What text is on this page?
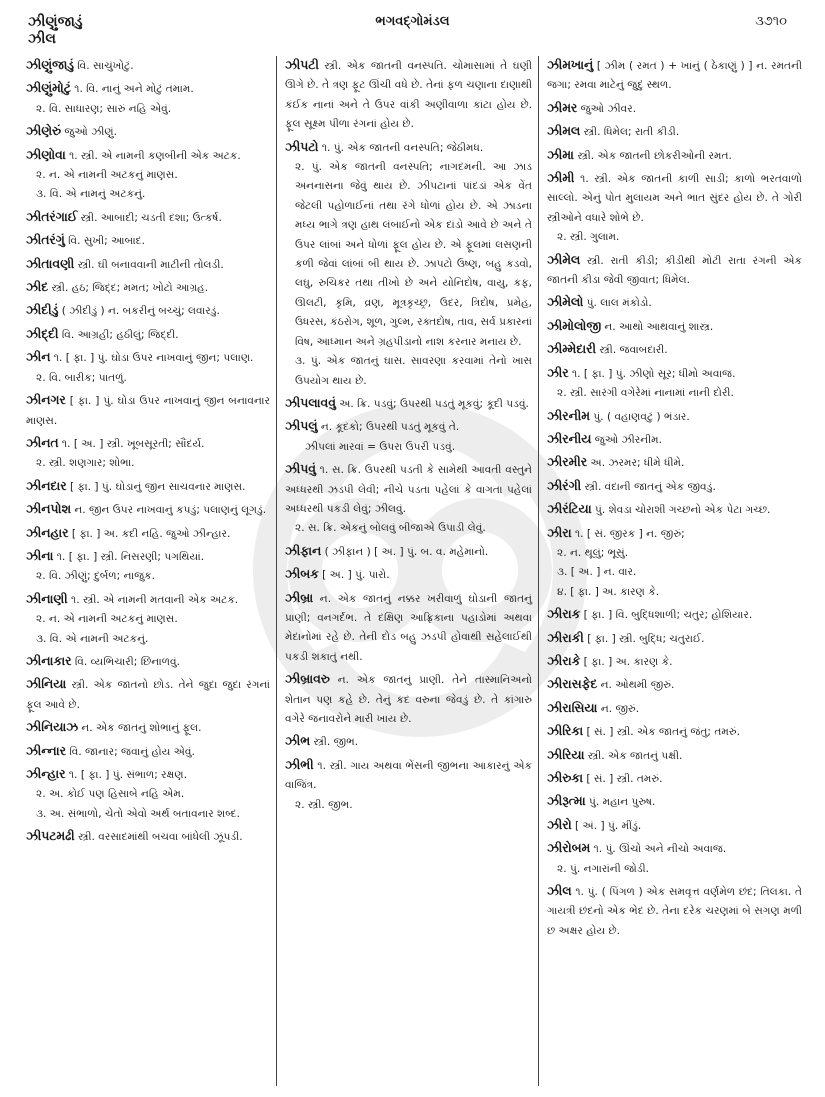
ઝીણુંજાડું
ઝીલ
ભગવદ્ગોમંડલ	૩૭૧૦
ઝીણુંજાડું વિ. સાચુંખોટું.
ઝીણુંમોટું ૧. વિ. નાનું અને મોટું તમામ.
૨. વિ. સાધારણ; સારું નહિ એવું.
ઝીણેરું જુઓ ઝીણું.
ઝીણોવા ૧. સ્ત્રી. એ નામની કણબીની એક અટક.
૨. ન. એ નામની અટકનું માણસ.
૩. વિ. એ નામનું અટકનું.
ઝીતરંગાઈ સ્ત્રી. આબાદી; ચડતી દશા; ઉત્કર્ષ.
ઝીતરંગું વિ. સુખી; આબાદ.
ઝીતાવણી સ્ત્રી. ઘી બનાવવાની માટીની તોલડી.
ઝીદ સ્ત્રી. હઠ; જિદ્દ; મમત; ખોટો આગ્રહ.
ઝીદીડું ( ઝીદીડું ) ન. બકરીનું બચ્ચું; લવારડું.
ઝીદ્દી વિ. આગ્રહી; હઠીલું; જિદ્દી.
ઝીન ૧. [ ફા. ] પું. ઘોડા ઉપર નાખવાનું જીન; પલાણ.
૨. વિ. બારીક; પાતળું.
ઝીનગર [ ફા. ] પું. ઘોડા ઉપર નાખવાનું જીન બનાવનાર માણસ.
ઝીનત ૧. [ અ. ] સ્ત્રી. ખૂબસૂરતી; સૌંદર્ય.
૨. સ્ત્રી. શણગાર; શોભા.
ઝીનદાર [ ફા. ] પું. ઘોડાનું જીન સાચવનાર માણસ.
ઝીનપોશ ન. જીન ઉપર નાખવાનું કપડું; પલાણનું લૂગડું.
ઝીનહાર [ ફા. ] અ. કદી નહિ. જુઓ ઝીન્હાર.
ઝીના ૧. [ ફા. ] સ્ત્રી. નિસરણી; પગથિયાં.
૨. વિ. ઝીણું; દુર્બળ; નાજુક.
ઝીનાણી ૧. સ્ત્રી. એ નામની મતવાની એક અટક.
૨. ન. એ નામની અટકનું માણસ.
૩. વિ. એ નામની અટકનું.
ઝીનાકાર વિ. વ્યભિચારી; છિનાળવું.
ઝીનિયા સ્ત્રી. એક જાતનો છોડ. તેને જુદા જુદા રંગનાં ફૂલ આવે છે.
ઝીનિયાઝ ન. એક જાતનું શોભાનું ફૂલ.
ઝીન્નાર વિ. જાનાર; જવાનું હોય એવું.
ઝીન્હાર ૧. [ ફા. ] પું. સંભાળ; રક્ષણ.
૨. અ. કોઈ પણ હિસાબે નહિ એમ.
૩. અ. સંભાળો, ચેતો એવો અર્થ બતાવનાર શબ્દ.
ઝીપટમઢી સ્ત્રી. વરસાદમાંથી બચવા બાંધેલી ઝૂંપડી.
ઝીપટી સ્ત્રી. એક જાતની વનસ્પતિ. ચોમાસામાં તે ઘણી ઊગે છે. તે ત્રણ ફૂટ ઊંચી વધે છે. તેનાં ફળ ચણાના દાણાથી કંઈક નાનાં અને તે ઉપર વાંકી અણીવાળા કાંટા હોય છે. ફૂલ સૂક્ષ્મ પીળા રંગનાં હોય છે.
ઝીપટો ૧. પું. એક જાતની વનસ્પતિ; જેઠીમધ.
૨. પું. એક જાતની વનસ્પતિ; નાગદમની. આ ઝાડ અનનાસના જેવું થાય છે. ઝીપટાનાં પાંદડાં એક વેંત જેટલી પહોળાઈનાં તથા રંગે ધોળાં હોય છે. એ ઝાડના મધ્ય ભાગે ત્રણ હાથ લંબાઈનો એક દાંડો આવે છે અને તે ઉપર લાંબાં અને ધોળાં ફૂલ હોય છે. એ ફૂલમાં લસણની કળી જેવાં લાંબાં બી થાય છે. ઝાપટો ઉષ્ણ, બહુ કડવો, લઘુ, રુચિકર તથા તીખો છે અને યોનિદોષ, વાયુ, કફ, ઊલટી, કૃમિ, વ્રણ, મૂત્રકૃચ્છ્ર, ઉદર, ત્રિદોષ, પ્રમેહ, ઉધરસ, કંઠરોગ, શૂળ, ગુલ્મ, રક્તદોષ, તાવ, સર્વ પ્રકારનાં વિષ, આધ્માન અને ગ્રહપીડાનો નાશ કરનાર મનાય છે.
૩. પું. એક જાતનું ઘાસ. સાવરણા કરવામાં તેનો ખાસ ઉપયોગ થાય છે.
ઝીપલાવવું અ. ક્રિ. પડવું; ઉપરથી પડતું મૂકવું; કૂદી પડવું.
ઝીપલું ન. કૂદકો; ઉપરથી પડતું મૂકવું તે.
ઝીપલાં મારવાં = ઉપરા ઉપરી પડવું.
ઝીપવું ૧. સ. ક્રિ. ઉપરથી પડતી કે સામેથી આવતી વસ્તુને અધ્ધરથી ઝડપી લેવી; નીચે પડતા પહેલાં કે વાગતા પહેલાં અધ્ધરથી પકડી લેવું; ઝીલવું.
૨. સ. ક્રિ. એકનું બોલવું બીજાએ ઉપાડી લેવું.
ઝીફાન ( ઝીફાન ) [ અ. ] પું. બ. વ. મહેમાનો.
ઝીબક [ અ. ] પું. પારો.
ઝીબ્રા ન. એક જાતનું નક્કર ખરીવાળું ઘોડાની જાતનું પ્રાણી; વનગર્દભ. તે દક્ષિણ આફ્રિકાના પહાડોમાં અથવા મેદાનોમાં રહે છે. તેની દોડ બહુ ઝડપી હોવાથી સહેલાઈથી પકડી શકાતું નથી.
ઝીબ્રાવરુ ન. એક જાતનું પ્રાણી. તેને તાસ્માનિઅનો શેતાન પણ કહે છે. તેનું કદ વરુના જેવડું છે. તે કાંગારુ વગેરે જનાવરોને મારી ખાય છે.
ઝીભ સ્ત્રી. જીભ.
ઝીભી ૧. સ્ત્રી. ગાય અથવા ભેંસની જીભના આકારનું એક વાજિંત્ર.
૨. સ્ત્રી. જીભ.
ઝીમખાનું [ ઝીમ ( રમત ) + ખાનું ( ઠેકાણું ) ] ન. રમતની જગા; રમવા માટેનું જુદું સ્થળ.
ઝીમર જુઓ ઝીવર.
ઝીમલ સ્ત્રી. ધિમેલ; રાતી કીડી.
ઝીમા સ્ત્રી. એક જાતની છોકરીઓની રમત.
ઝીમી ૧. સ્ત્રી. એક જાતની કાળી સાડી; કાળો ભરતવાળો સાલ્લો. એનું પોત મુલાયમ અને ભાત સુંદર હોય છે. તે ગોરી સ્ત્રીઓને વધારે શોભે છે.
૨. સ્ત્રી. ગુલામ.
ઝીમેલ સ્ત્રી. રાતી કીડી; કીડીથી મોટી રાતા રંગની એક જાતની કીડા જેવી જીવાત; ધિમેલ.
ઝીમેલો પું. લાલ મંકોડો.
ઝીમોલોજી ન. આથો આથવાનું શાસ્ત્ર.
ઝીમ્મેદારી સ્ત્રી. જવાબદારી.
ઝીર ૧. [ ફા. ] પું. ઝીણો સૂર; ધીમો અવાજ.
૨. સ્ત્રી. સારંગી વગેરેમાં નાનામાં નાની દોરી.
ઝીરનીમ પું. ( વહાણવટું ) ભંડાર.
ઝીરનીય જુઓ ઝીરનીમ.
ઝીરમીર અ. ઝરમર; ધીમે ધીમે.
ઝીરંગી સ્ત્રી. વંદાની જાતનું એક જીવડું.
ઝીરંટિયા પું. શેવડા ચોરાશી ગચ્છનો એક પેટા ગચ્છ.
ઝીરા ૧. [ સં. જીરક ] ન. જીરું;
૨. ન. થૂલું; ભૂસું.
૩. [ અ. ] ન. વાર.
૪. [ ફા. ] અ. કારણ કે.
ઝીરાક [ ફા. ] વિ. બુદ્ધિશાળી; ચતુર; હોશિયાર.
ઝીરાકી [ ફા. ] સ્ત્રી. બુદ્ધિ; ચતુરાઈ.
ઝીરાકે [ ફા. ] અ. કારણ કે.
ઝીરાસફેદ ન. ઓથમી જીરું.
ઝીરાસિયા ન. જીરું.
ઝીરિકા [ સં. ] સ્ત્રી. એક જાતનું જંતુ; તમરું.
ઝીરિયા સ્ત્રી. એક જાતનું પક્ષી.
ઝીરુકા [ સં. ] સ્ત્રી. તમરું.
ઝીરૂત્મા પું. મહાન પુરુષ.
ઝીરો [ અં. ] પું. મીંડું.
ઝીરોબમ ૧. પું. ઊંચો અને નીચો અવાજ.
૨. પું. નગારાંની જોડી.
ઝીલ ૧. પું. ( પિંગળ ) એક સમવૃત્ત વર્ણમેળ છંદ; તિલકા. તે ગાયત્રી છંદનો એક ભેદ છે. તેના દરેક ચરણમાં બે સગણ મળી છ અક્ષર હોય છે.
